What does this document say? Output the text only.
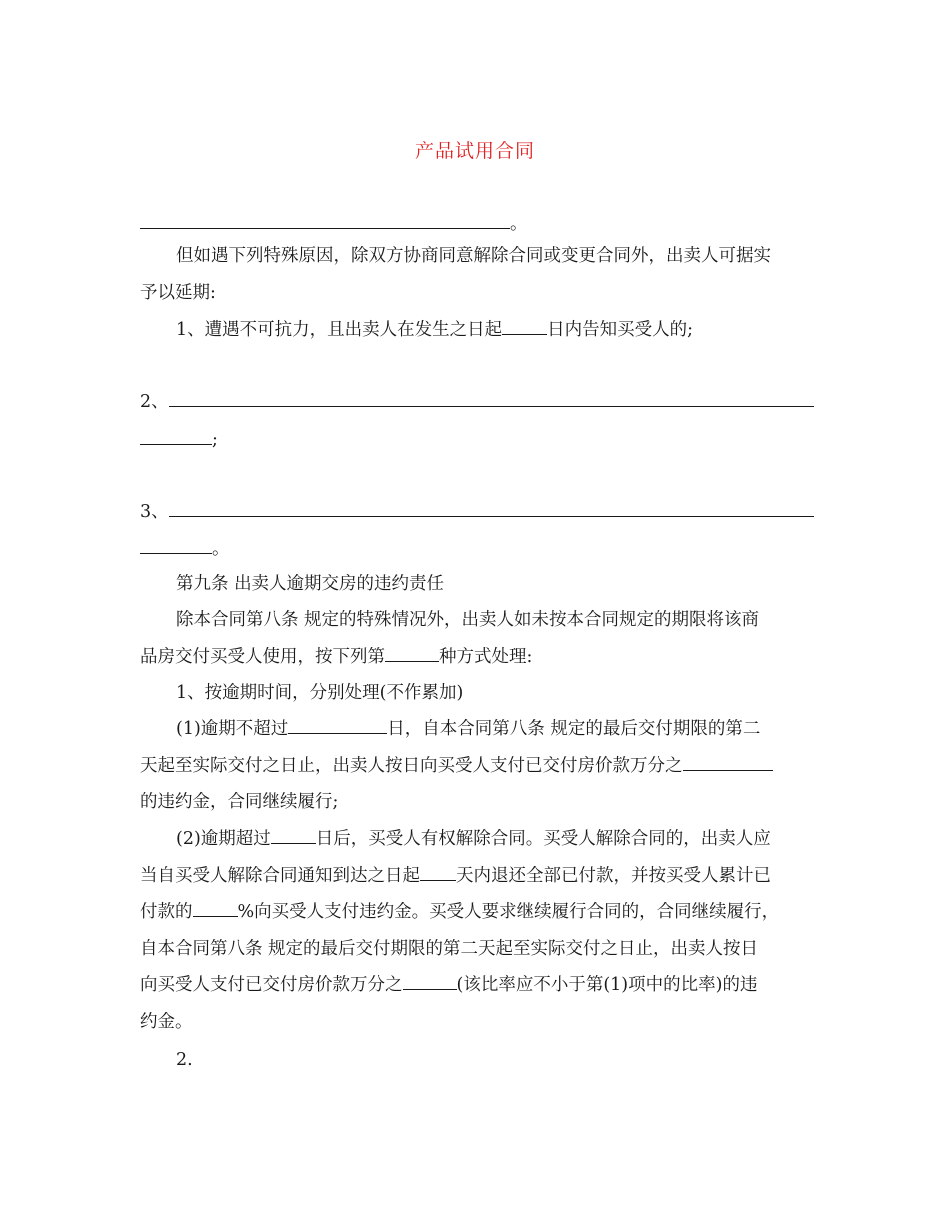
产品试用合同
。
但如遇下列特殊原因，除双方协商同意解除合同或变更合同外，出卖人可据实
予以延期:
1、遭遇不可抗力，且出卖人在发生之日起	日内告知买受人的;
2、
;
3、
。
第九条 出卖人逾期交房的违约责任
除本合同第八条 规定的特殊情况外，出卖人如未按本合同规定的期限将该商
品房交付买受人使用，按下列第	种方式处理:
1、按逾期时间，分别处理(不作累加)
(1)逾期不超过	日，自本合同第八条 规定的最后交付期限的第二
天起至实际交付之日止，出卖人按日向买受人支付已交付房价款万分之
的违约金，合同继续履行;
(2)逾期超过	日后，买受人有权解除合同。买受人解除合同的，出卖人应
当自买受人解除合同通知到达之日起 天内退还全部已付款，并按买受人累计已
付款的	%向买受人支付违约金。买受人要求继续履行合同的，合同继续履行，
自本合同第八条 规定的最后交付期限的第二天起至实际交付之日止，出卖人按日
向买受人支付已交付房价款万分之	(该比率应不小于第(1)项中的比率)的违
约金。
2.
